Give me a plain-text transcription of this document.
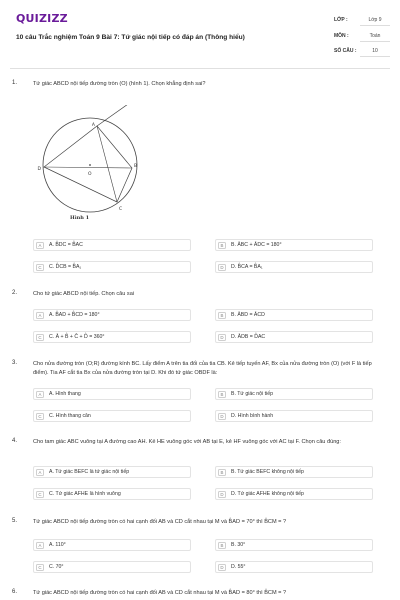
QUIZIZZ
10 câu Trắc nghiệm Toán 9 Bài 7: Tứ giác nội tiếp có đáp án (Thông hiểu)
LỚP :	Lớp 9
MÔN :	Toán
SỐ CÂU :	10
1.	Tứ giác ABCD nội tiếp đường tròn (O) (hình 1). Chọn khẳng định sai?
A
B
C
D
O
Hình 1
A	A. B̂DC = B̂AC	B	B. ÂBC + ÂDC = 180°
C	C. D̂CB = B̂A₁	D	D. B̂CA = B̂A₁
2.	Cho tứ giác ABCD nội tiếp. Chọn câu sai
A	A. B̂AD + B̂CD = 180°	B	B. ÂBD = ÂCD
C	C. Â + B̂ + Ĉ + D̂ = 360°	D	D. ÂDB = D̂AC
3.	Cho nửa đường tròn (O;R) đường kính BC. Lấy điểm A trên tia đối của tia CB. Kẻ tiếp tuyến AF, Bx của nửa đường tròn (O) (với F là tiếp điểm). Tia AF cắt tia Bx của nửa đường tròn tại D. Khi đó tứ giác OBDF là:
A	A. Hình thang	B	B. Tứ giác nội tiếp
C	C. Hình thang cân	D	D. Hình bình hành
4.	Cho tam giác ABC vuông tại A đường cao AH. Kẻ HE vuông góc với AB tại E, kẻ HF vuông góc với AC tại F. Chọn câu đúng:
A	A. Tứ giác BEFC là tứ giác nội tiếp	B	B. Tứ giác BEFC không nội tiếp
C	C. Tứ giác AFHE là hình vuông	D	D. Tứ giác AFHE không nội tiếp
5.	Tứ giác ABCD nội tiếp đường tròn có hai cạnh đối AB và CD cắt nhau tại M và B̂AD = 70° thì B̂CM = ?
A	A. 110°	B	B. 30°
C	C. 70°	D	D. 55°
6.	Tứ giác ABCD nội tiếp đường tròn có hai cạnh đối AB và CD cắt nhau tại M và B̂AD = 80° thì B̂CM = ?
